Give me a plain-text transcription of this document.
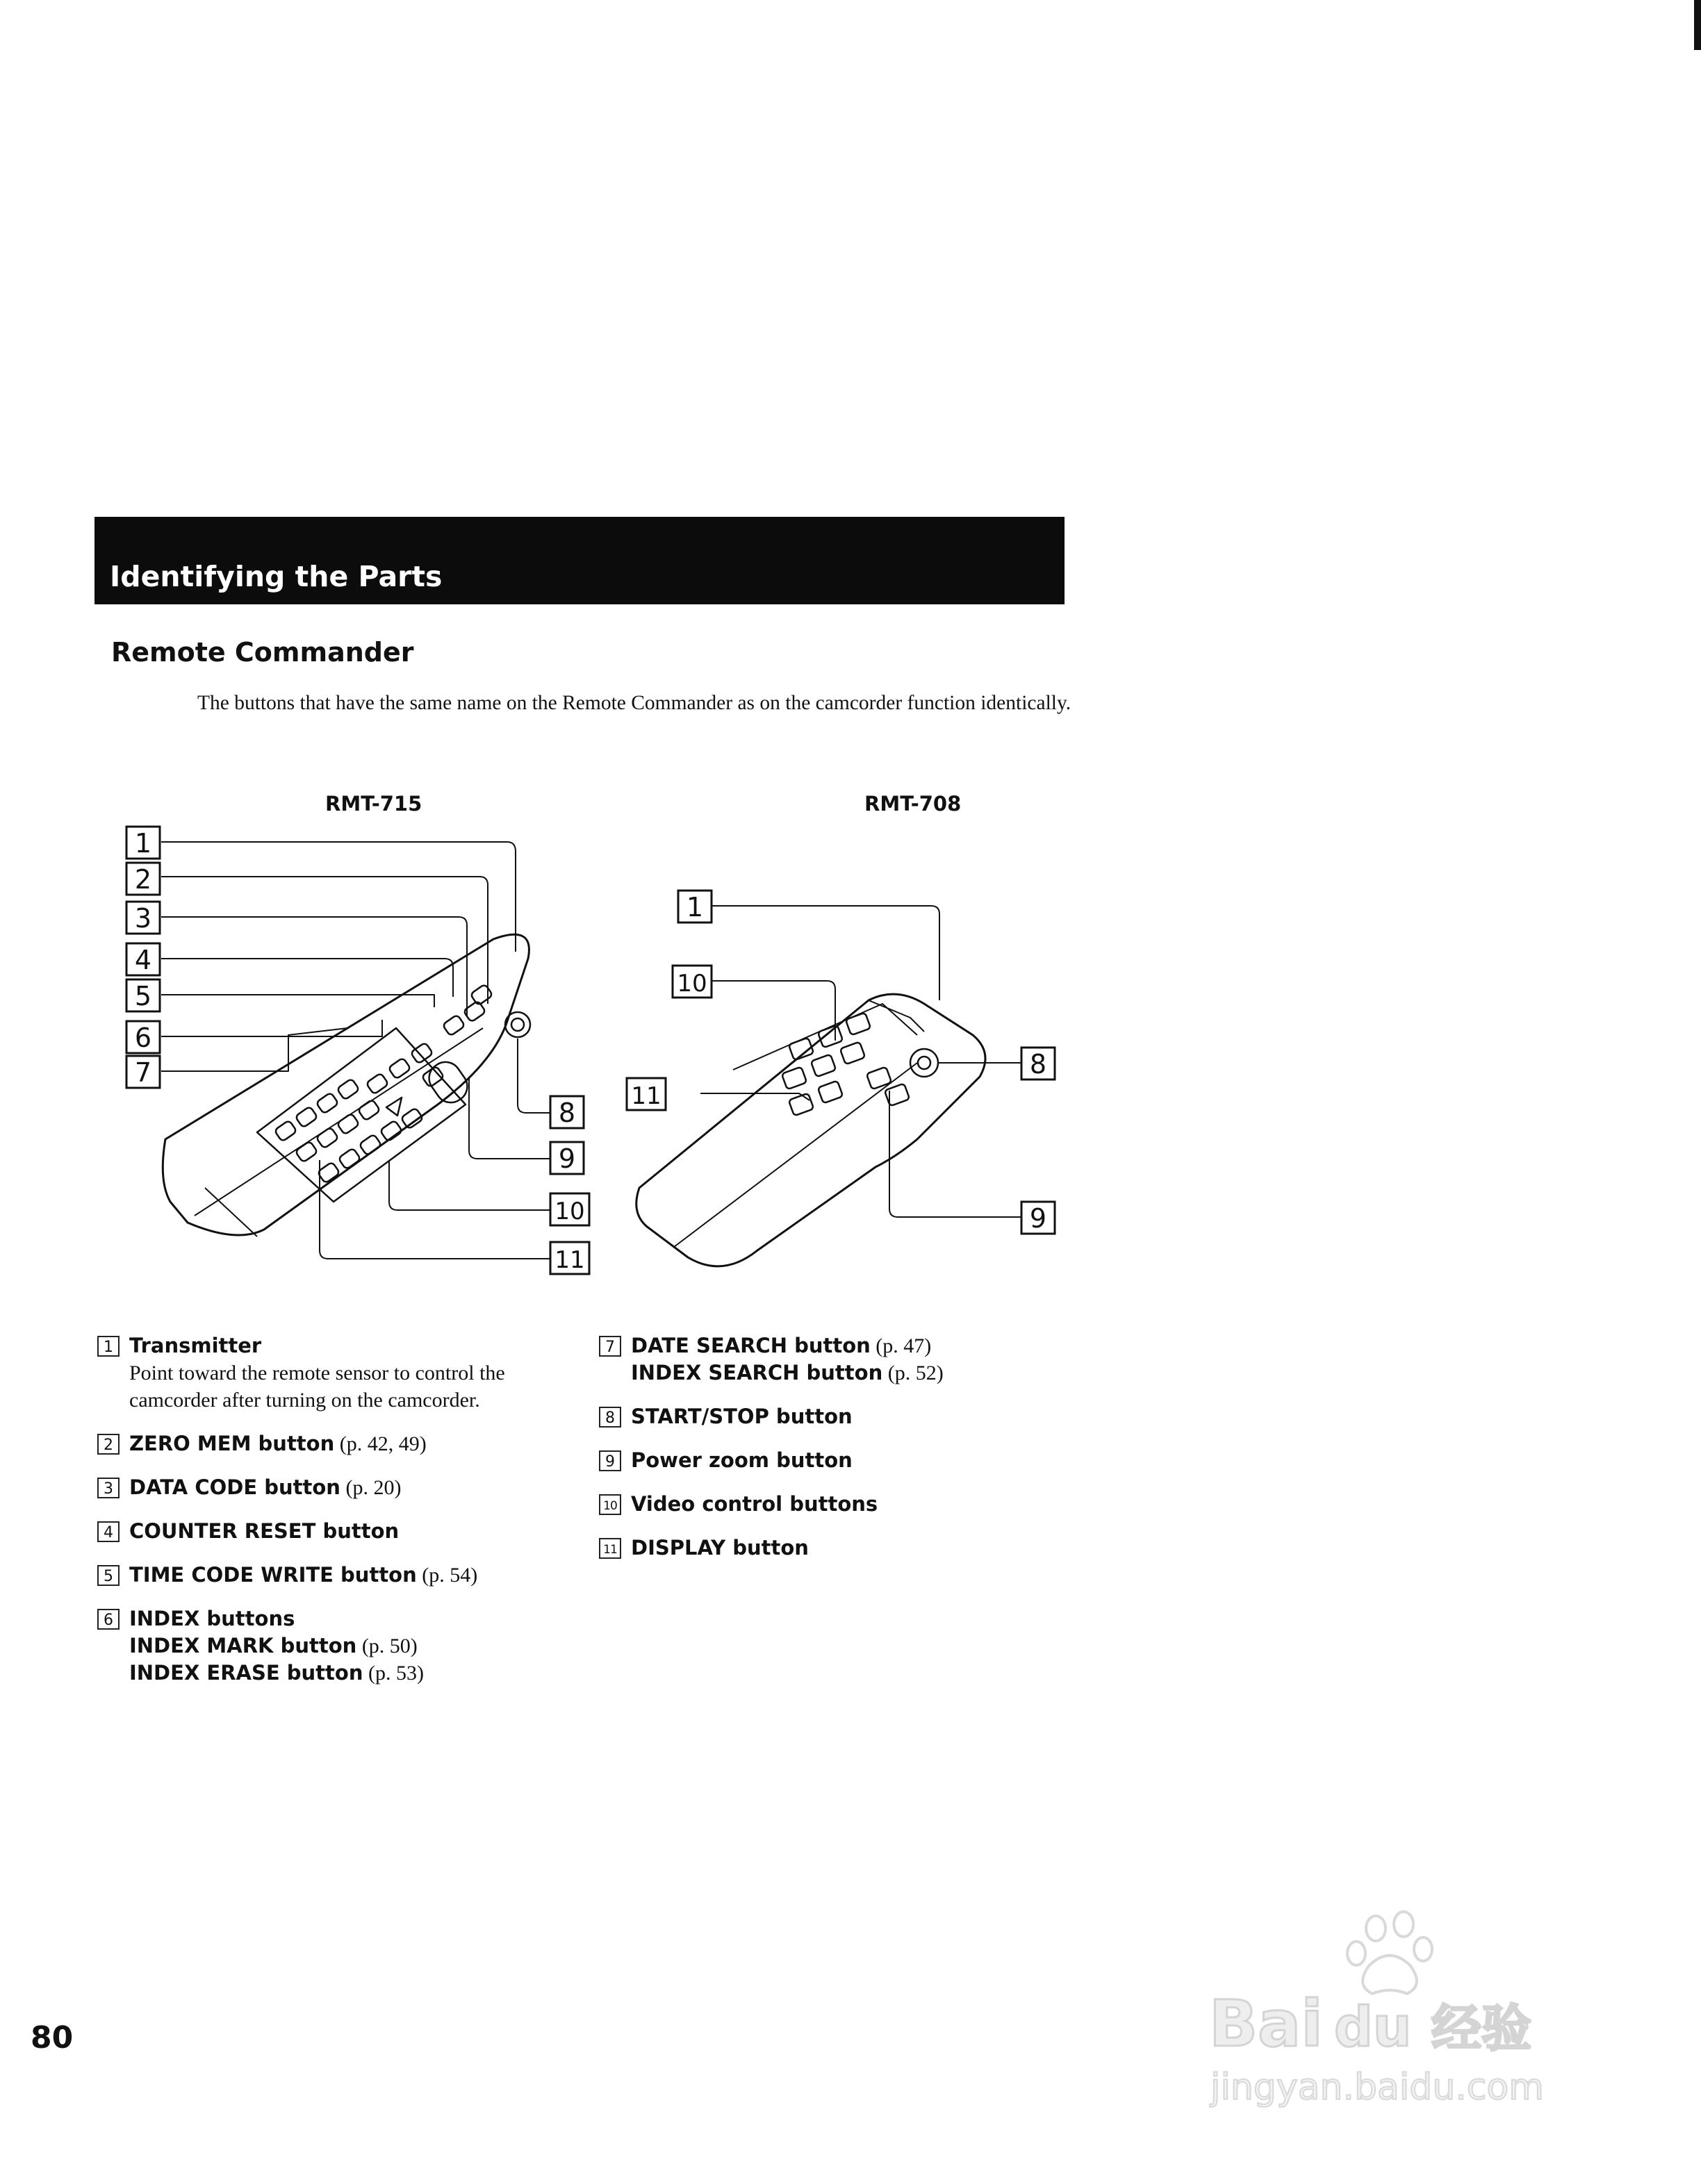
Identifying the Parts
Remote Commander

The buttons that have the same name on the Remote Commander as on the camcorder function identically.

RMT-715	RMT-708
1
2
3
4
5
6
7
8
9
10
11
1
10
11
8
9
1 Transmitter
Point toward the remote sensor to control the camcorder after turning on the camcorder.
2 ZERO MEM button (p. 42, 49)
3 DATA CODE button (p. 20)
4 COUNTER RESET button
5 TIME CODE WRITE button (p. 54)
6 INDEX buttons
INDEX MARK button (p. 50)
INDEX ERASE button (p. 53)
7 DATE SEARCH button (p. 47)
INDEX SEARCH button (p. 52)
8 START/STOP button
9 Power zoom button
10 Video control buttons
11 DISPLAY button

80	Bai du 经验
jingyan.baidu.com
